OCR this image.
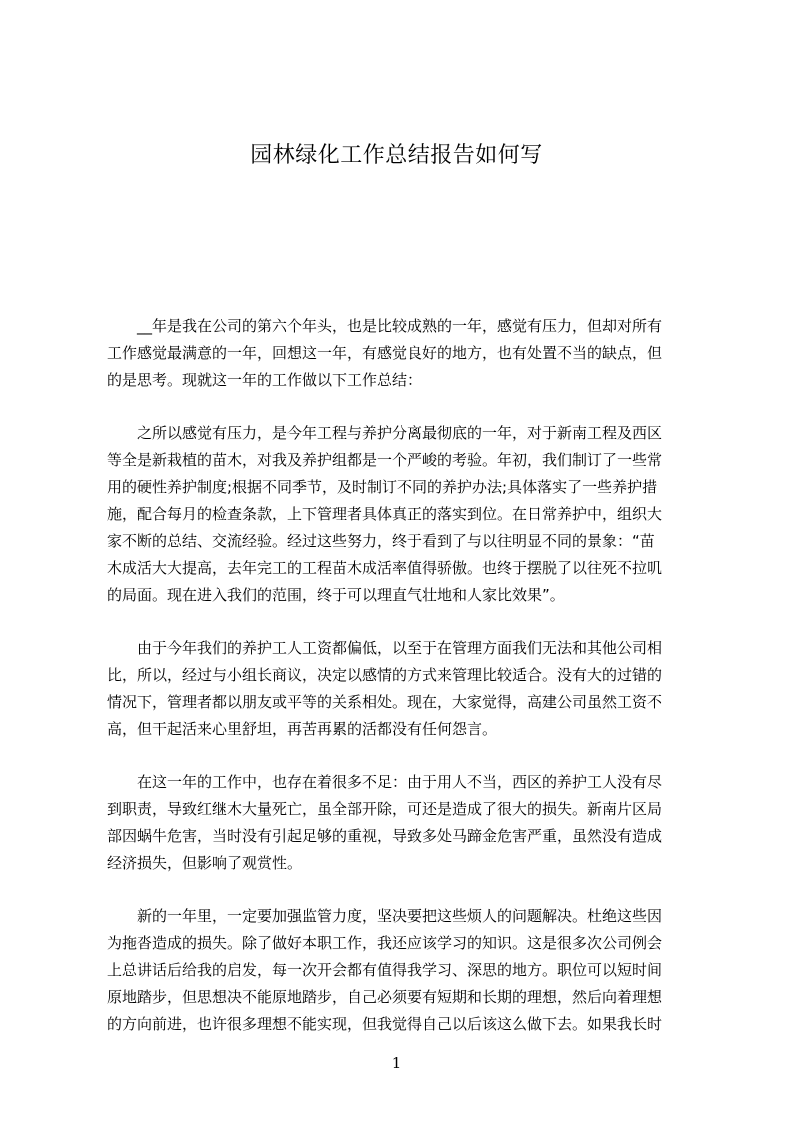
园林绿化工作总结报告如何写
　　__年是我在公司的第六个年头，也是比较成熟的一年，感觉有压力，但却对所有
工作感觉最满意的一年，回想这一年，有感觉良好的地方，也有处置不当的缺点，但
的是思考。现就这一年的工作做以下工作总结：
　　之所以感觉有压力，是今年工程与养护分离最彻底的一年，对于新南工程及西区
等全是新栽植的苗木，对我及养护组都是一个严峻的考验。年初，我们制订了一些常
用的硬性养护制度;根据不同季节，及时制订不同的养护办法;具体落实了一些养护措
施，配合每月的检查条款，上下管理者具体真正的落实到位。在日常养护中，组织大
家不断的总结、交流经验。经过这些努力，终于看到了与以往明显不同的景象：“苗
木成活大大提高，去年完工的工程苗木成活率值得骄傲。也终于摆脱了以往死不拉叽
的局面。现在进入我们的范围，终于可以理直气壮地和人家比效果”。
　　由于今年我们的养护工人工资都偏低，以至于在管理方面我们无法和其他公司相
比，所以，经过与小组长商议，决定以感情的方式来管理比较适合。没有大的过错的
情况下，管理者都以朋友或平等的关系相处。现在，大家觉得，高建公司虽然工资不
高，但干起活来心里舒坦，再苦再累的活都没有任何怨言。
　　在这一年的工作中，也存在着很多不足：由于用人不当，西区的养护工人没有尽
到职责，导致红继木大量死亡，虽全部开除，可还是造成了很大的损失。新南片区局
部因蜗牛危害，当时没有引起足够的重视，导致多处马蹄金危害严重，虽然没有造成
经济损失，但影响了观赏性。
　　新的一年里，一定要加强监管力度，坚决要把这些烦人的问题解决。杜绝这些因
为拖沓造成的损失。除了做好本职工作，我还应该学习的知识。这是很多次公司例会
上总讲话后给我的启发，每一次开会都有值得我学习、深思的地方。职位可以短时间
原地踏步，但思想决不能原地踏步，自己必须要有短期和长期的理想，然后向着理想
的方向前进，也许很多理想不能实现，但我觉得自己以后该这么做下去。如果我长时
1
